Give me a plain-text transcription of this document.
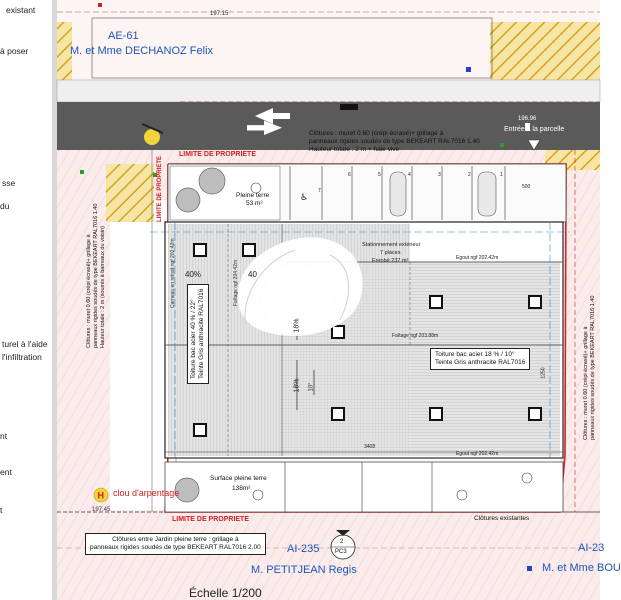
existant
à poser
sse
du
turel à l'aide
l'infiltration
nt
ent
t
♿
H
AE-61
M. et Mme DECHANOZ Felix
197.15
196.96
197.45
LIMITE DE PROPRIETE
LIMITE DE PROPRIETE
LIMITE DE PROPRIETE
Clôtures : muret 0.60 (crépi écrasé)+ grillage à
panneaux rigides soudés de type BEKEART RAL7016 1.40
Hauteur totale : 2 m + haie vive
Entrée à la parcelle
Pleine terre
53 m²
7
6	5	4	3	2	1
500
Stationnement extérieur
7 places
Enrobé 237 m²	Egout ngf 202.42m
Faîtage ngf 203.88m
Egout ngf 202.42m
3408
Toiture bac acier 40 % / 22° Teinte Gris anthracite RAL7016	Toiture bac acier 18 % / 10°
Teinte Gris anthracite RAL7016
40%	40
18%
18% 10°
Carneau en retrait ngf 202.42m	Faîtage ngf 204.42m
Surface pleine terre
138m²
Clôtures entre Jardin pleine terre : grillage à
panneaux rigides soudés de type BEKEART RAL7016 2.00
Clôtures existantes
Clôtures : muret 0.60 (crépi écrasé)+ grillage à panneaux rigides soudés de type BEKEART RAL7016 1.40 Hauteur totale : 2 m (soumis à barreaux du voisin)
Clôtures : muret 0.60 (crépi écrasé)+ grillage à panneaux rigides soudés de type BEKEART RAL7016 1.40
clou d'arpentage
1250
2
PC3
AI-235
M. PETITJEAN Regis
AI-23
M. et Mme BOU
Échelle 1/200
